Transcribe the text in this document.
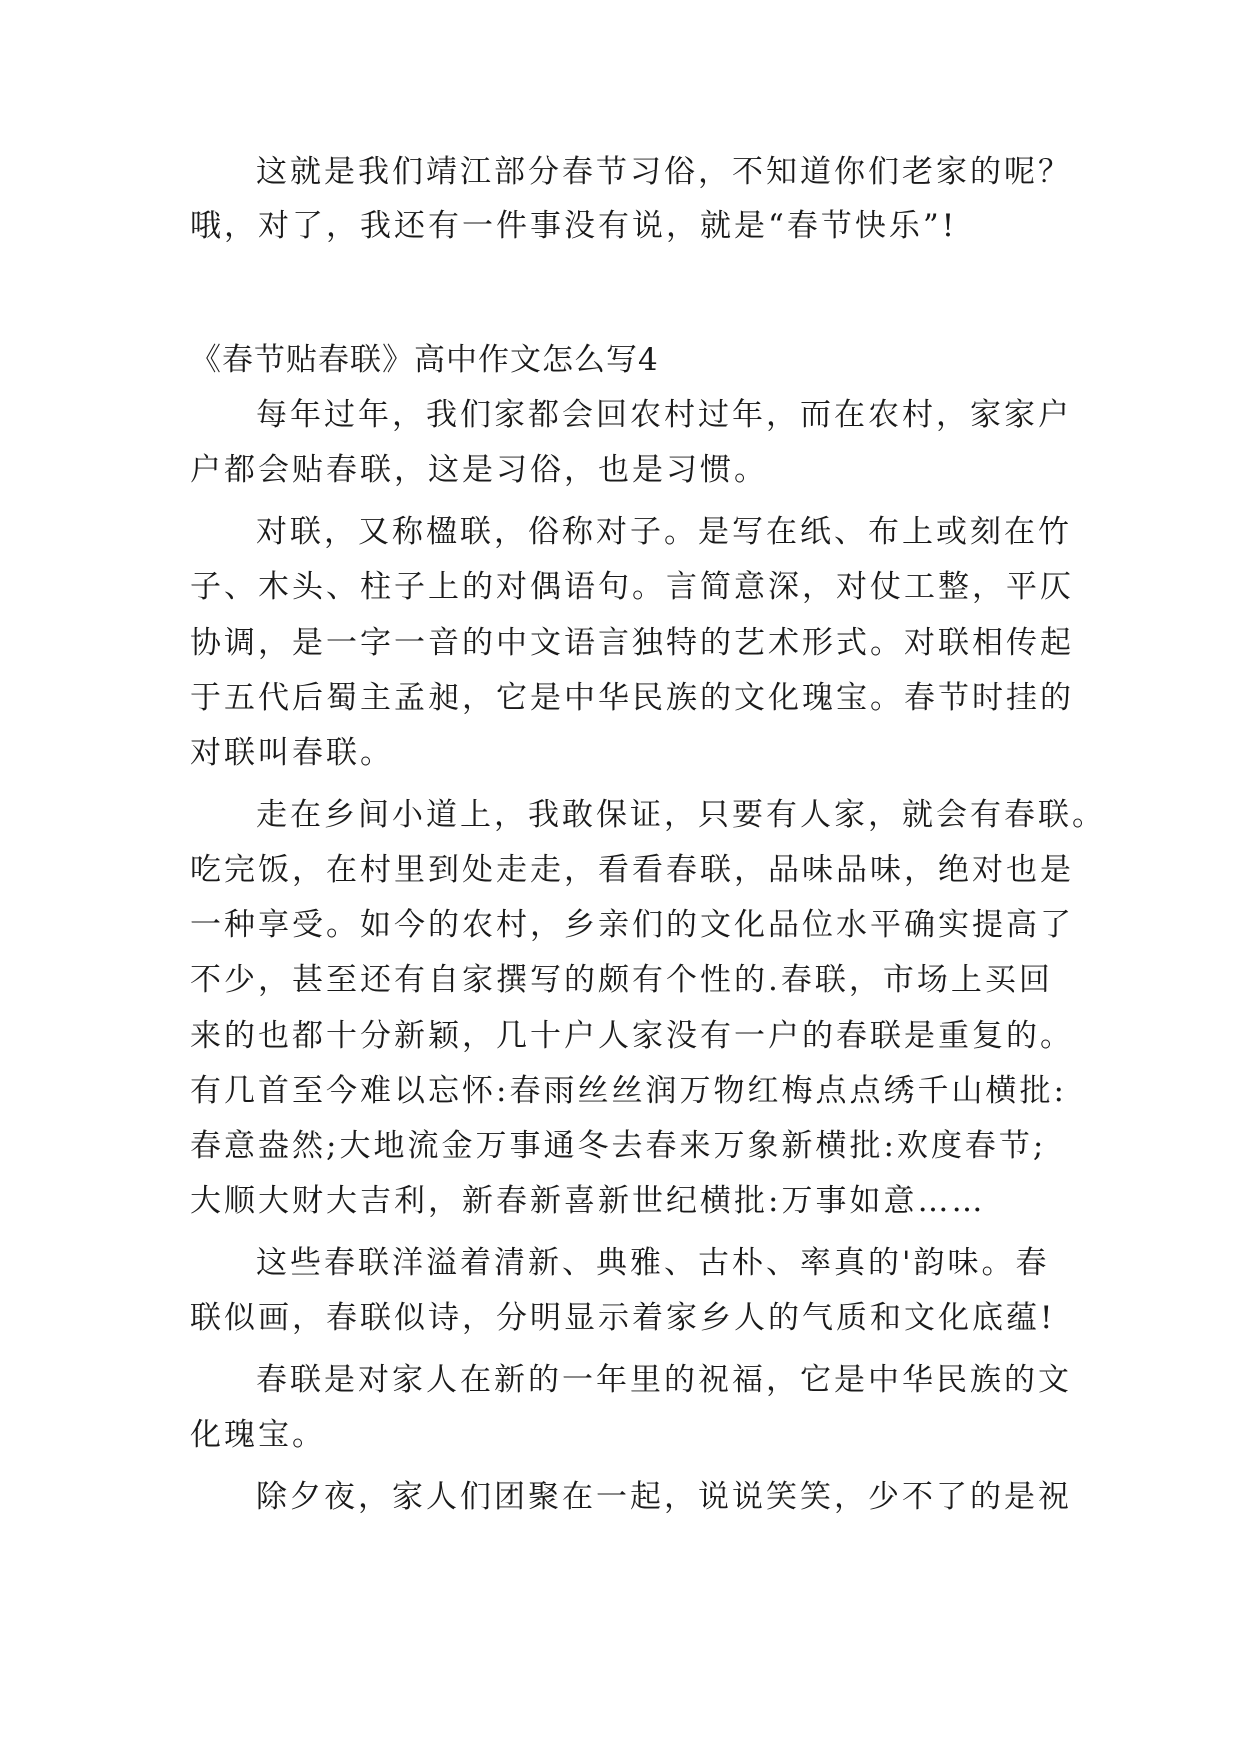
这就是我们靖江部分春节习俗，不知道你们老家的呢？

哦，对了，我还有一件事没有说，就是“春节快乐”!

《春节贴春联》高中作文怎么写4

每年过年，我们家都会回农村过年，而在农村，家家户

户都会贴春联，这是习俗，也是习惯。

对联，又称楹联，俗称对子。是写在纸、布上或刻在竹

子、木头、柱子上的对偶语句。言简意深，对仗工整，平仄

协调，是一字一音的中文语言独特的艺术形式。对联相传起

于五代后蜀主孟昶，它是中华民族的文化瑰宝。春节时挂的

对联叫春联。

走在乡间小道上，我敢保证，只要有人家，就会有春联。

吃完饭，在村里到处走走，看看春联，品味品味，绝对也是

一种享受。如今的农村，乡亲们的文化品位水平确实提高了

不少，甚至还有自家撰写的颇有个性的.春联，市场上买回

来的也都十分新颖，几十户人家没有一户的春联是重复的。

有几首至今难以忘怀:春雨丝丝润万物红梅点点绣千山横批:

春意盎然;大地流金万事通冬去春来万象新横批:欢度春节;

大顺大财大吉利，新春新喜新世纪横批:万事如意……

这些春联洋溢着清新、典雅、古朴、率真的'韵味。春

联似画，春联似诗，分明显示着家乡人的气质和文化底蕴!

春联是对家人在新的一年里的祝福，它是中华民族的文

化瑰宝。

除夕夜，家人们团聚在一起，说说笑笑，少不了的是祝
